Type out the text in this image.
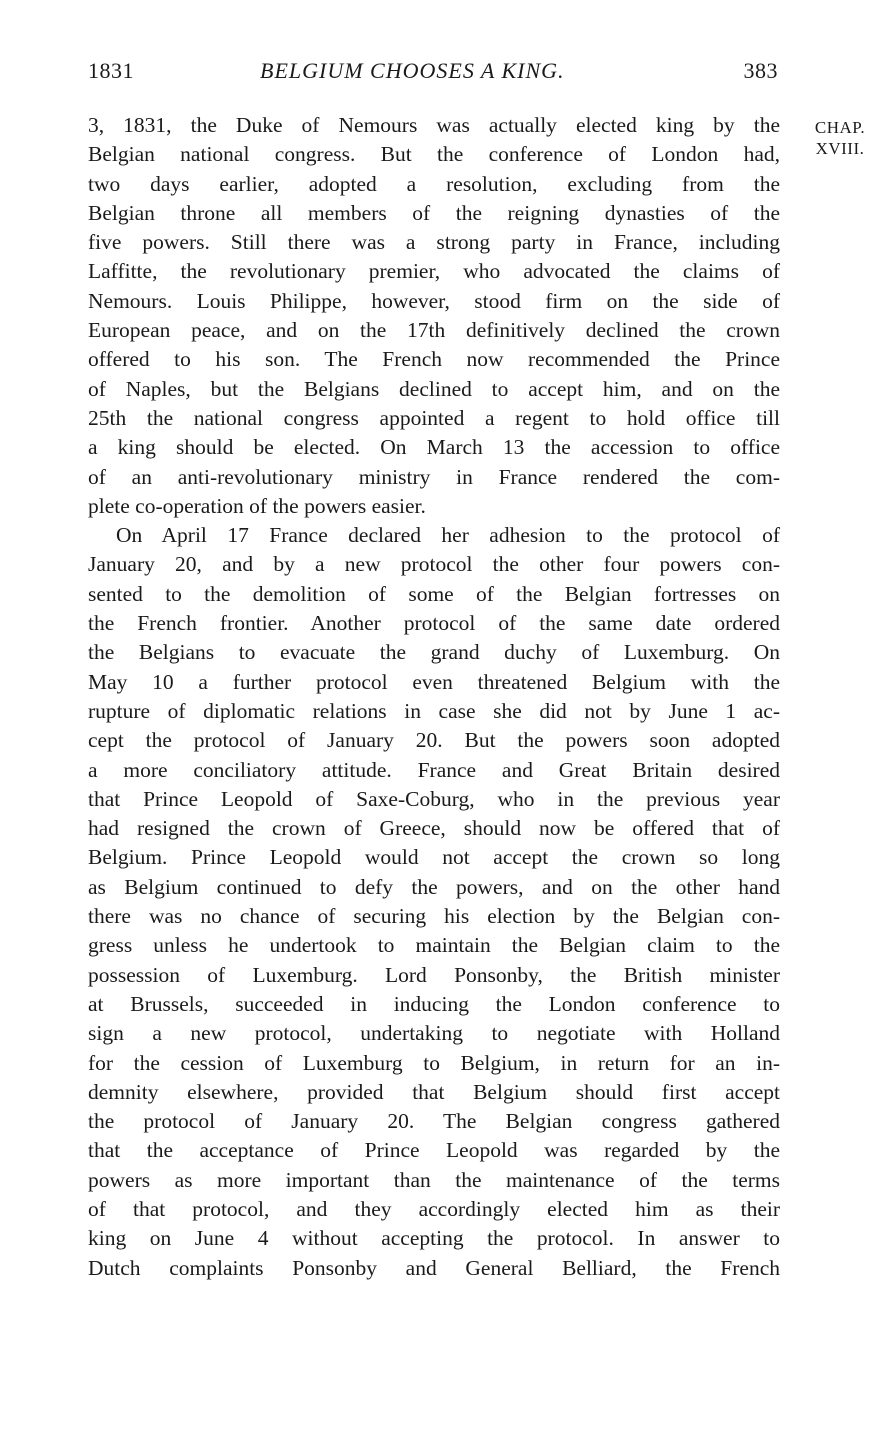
1831	BELGIUM CHOOSES A KING.	383
CHAP.
XVIII.
3, 1831, the Duke of Nemours was actually elected king by the
Belgian national congress. But the conference of London had,
two days earlier, adopted a resolution, excluding from the
Belgian throne all members of the reigning dynasties of the
five powers. Still there was a strong party in France, including
Laffitte, the revolutionary premier, who advocated the claims of
Nemours. Louis Philippe, however, stood firm on the side of
European peace, and on the 17th definitively declined the crown
offered to his son. The French now recommended the Prince
of Naples, but the Belgians declined to accept him, and on the
25th the national congress appointed a regent to hold office till
a king should be elected. On March 13 the accession to office
of an anti-revolutionary ministry in France rendered the com-
plete co-operation of the powers easier.
On April 17 France declared her adhesion to the protocol of
January 20, and by a new protocol the other four powers con-
sented to the demolition of some of the Belgian fortresses on
the French frontier. Another protocol of the same date ordered
the Belgians to evacuate the grand duchy of Luxemburg. On
May 10 a further protocol even threatened Belgium with the
rupture of diplomatic relations in case she did not by June 1 ac-
cept the protocol of January 20. But the powers soon adopted
a more conciliatory attitude. France and Great Britain desired
that Prince Leopold of Saxe-Coburg, who in the previous year
had resigned the crown of Greece, should now be offered that of
Belgium. Prince Leopold would not accept the crown so long
as Belgium continued to defy the powers, and on the other hand
there was no chance of securing his election by the Belgian con-
gress unless he undertook to maintain the Belgian claim to the
possession of Luxemburg. Lord Ponsonby, the British minister
at Brussels, succeeded in inducing the London conference to
sign a new protocol, undertaking to negotiate with Holland
for the cession of Luxemburg to Belgium, in return for an in-
demnity elsewhere, provided that Belgium should first accept
the protocol of January 20. The Belgian congress gathered
that the acceptance of Prince Leopold was regarded by the
powers as more important than the maintenance of the terms
of that protocol, and they accordingly elected him as their
king on June 4 without accepting the protocol. In answer to
Dutch complaints Ponsonby and General Belliard, the French
